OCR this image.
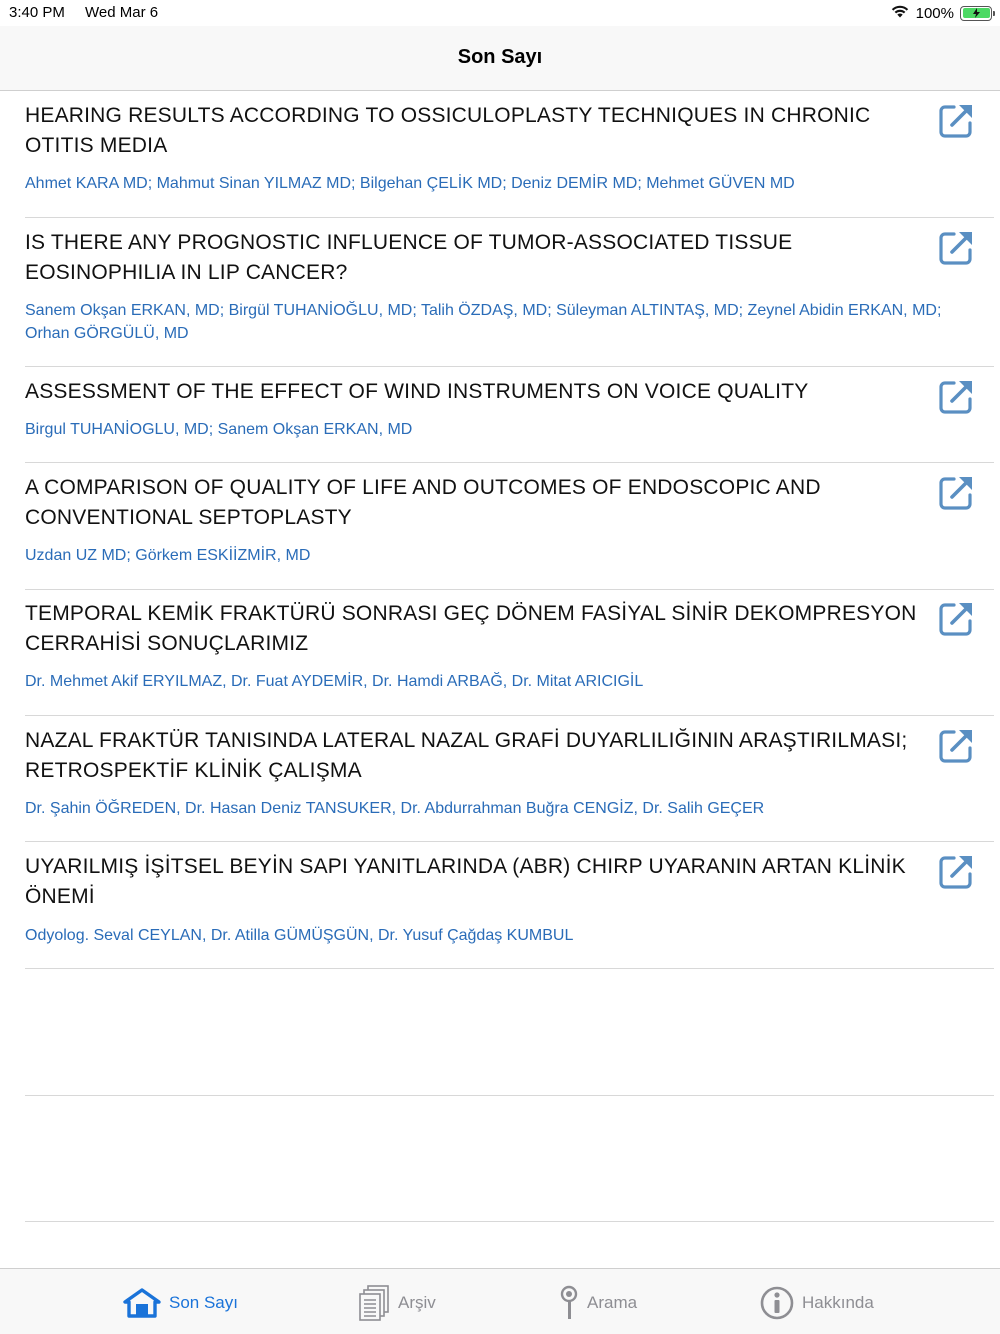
3:40 PM Wed Mar 6	100%
Son Sayı
HEARING RESULTS ACCORDING TO OSSICULOPLASTY TECHNIQUES IN CHRONIC OTITIS MEDIA
Ahmet KARA MD; Mahmut Sinan YILMAZ MD; Bilgehan ÇELİK MD; Deniz DEMİR MD; Mehmet GÜVEN MD
IS THERE ANY PROGNOSTIC INFLUENCE OF TUMOR-ASSOCIATED TISSUE EOSINOPHILIA IN LIP CANCER?
Sanem Okşan ERKAN, MD; Birgül TUHANİOĞLU, MD; Talih ÖZDAŞ, MD; Süleyman ALTINTAŞ, MD; Zeynel Abidin ERKAN, MD; Orhan GÖRGÜLÜ, MD
ASSESSMENT OF THE EFFECT OF WIND INSTRUMENTS ON VOICE QUALITY
Birgul TUHANİOGLU, MD; Sanem Okşan ERKAN, MD
A COMPARISON OF QUALITY OF LIFE AND OUTCOMES OF ENDOSCOPIC AND CONVENTIONAL SEPTOPLASTY
Uzdan UZ MD; Görkem ESKİİZMİR, MD
TEMPORAL KEMİK FRAKTÜRÜ SONRASI GEÇ DÖNEM FASİYAL SİNİR DEKOMPRESYON CERRAHİSİ SONUÇLARIMIZ
Dr. Mehmet Akif ERYILMAZ, Dr. Fuat AYDEMİR, Dr. Hamdi ARBAĞ, Dr. Mitat ARICIGİL
NAZAL FRAKTÜR TANISINDA LATERAL NAZAL GRAFİ DUYARLILIĞININ ARAŞTIRILMASI; RETROSPEKTİF KLİNİK ÇALIŞMA
Dr. Şahin ÖĞREDEN, Dr. Hasan Deniz TANSUKER, Dr. Abdurrahman Buğra CENGİZ, Dr. Salih GEÇER
UYARILMIŞ İŞİTSEL BEYİN SAPI YANITLARINDA (ABR) CHIRP UYARANIN ARTAN KLİNİK ÖNEMİ
Odyolog. Seval CEYLAN, Dr. Atilla GÜMÜŞGÜN, Dr. Yusuf Çağdaş KUMBUL
Son Sayı	Arşiv	Arama	Hakkında
